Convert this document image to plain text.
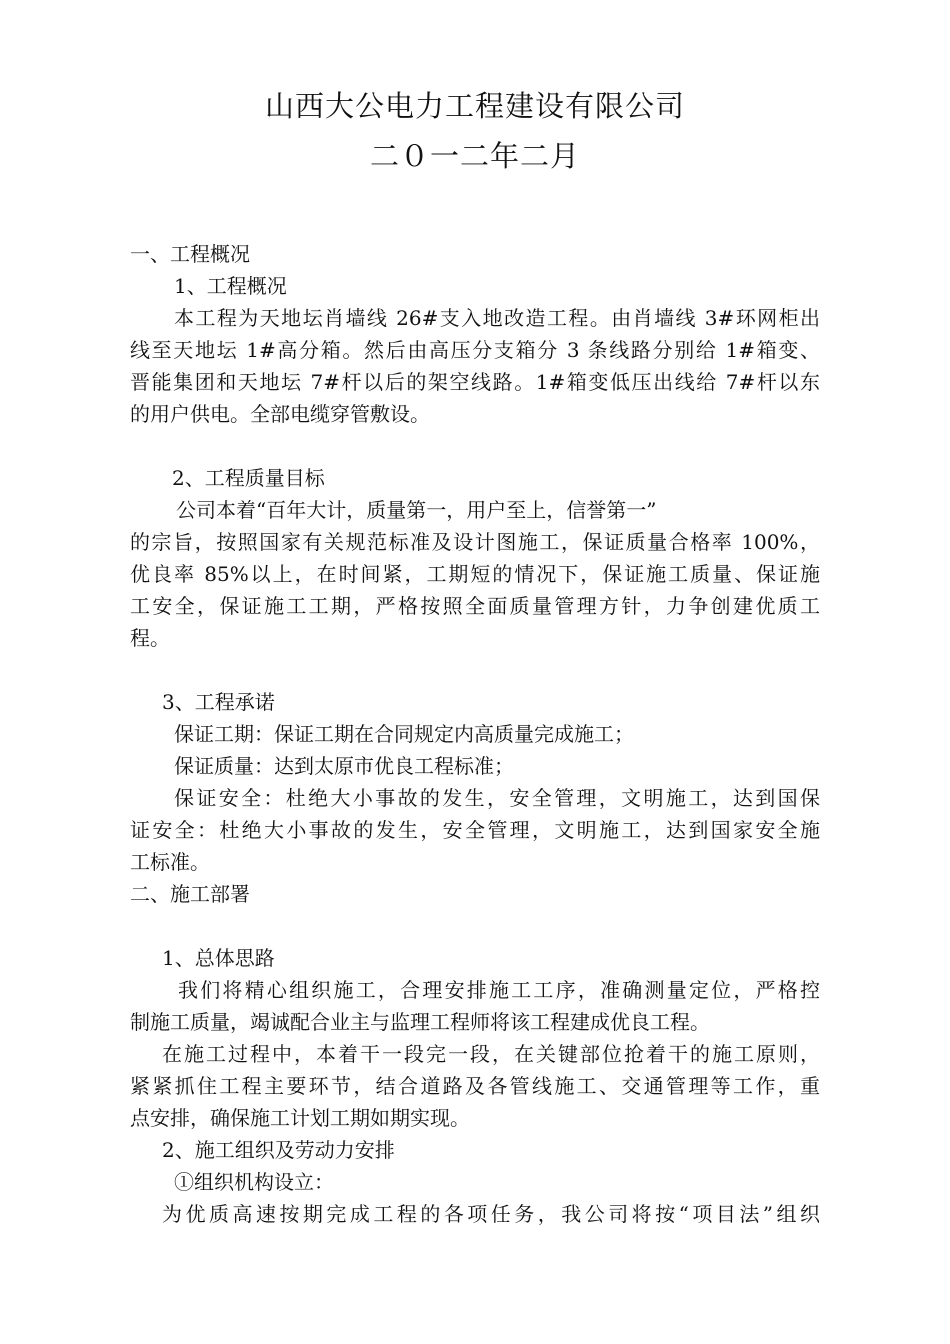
山西大公电力工程建设有限公司
二０一二年二月
一、工程概况
1、工程概况
本工程为天地坛肖墙线 26#支入地改造工程。由肖墙线 3#环网柜出
线至天地坛 1#高分箱。然后由高压分支箱分 3 条线路分别给 1#箱变、
晋能集团和天地坛 7#杆以后的架空线路。1#箱变低压出线给 7#杆以东
的用户供电。全部电缆穿管敷设。
2、工程质量目标
公司本着“百年大计，质量第一，用户至上，信誉第一”
的宗旨，按照国家有关规范标准及设计图施工，保证质量合格率 100%，
优良率 85%以上，在时间紧，工期短的情况下，保证施工质量、保证施
工安全，保证施工工期，严格按照全面质量管理方针，力争创建优质工
程。
3、工程承诺
保证工期：保证工期在合同规定内高质量完成施工；
保证质量：达到太原市优良工程标准；
保证安全：杜绝大小事故的发生，安全管理，文明施工，达到国保
证安全：杜绝大小事故的发生，安全管理，文明施工，达到国家安全施
工标准。
二、施工部署
1、总体思路
我们将精心组织施工，合理安排施工工序，准确测量定位，严格控
制施工质量，竭诚配合业主与监理工程师将该工程建成优良工程。
在施工过程中，本着干一段完一段，在关键部位抢着干的施工原则，
紧紧抓住工程主要环节，结合道路及各管线施工、交通管理等工作，重
点安排，确保施工计划工期如期实现。
2、施工组织及劳动力安排
①组织机构设立：
为优质高速按期完成工程的各项任务，我公司将按“项目法”组织
